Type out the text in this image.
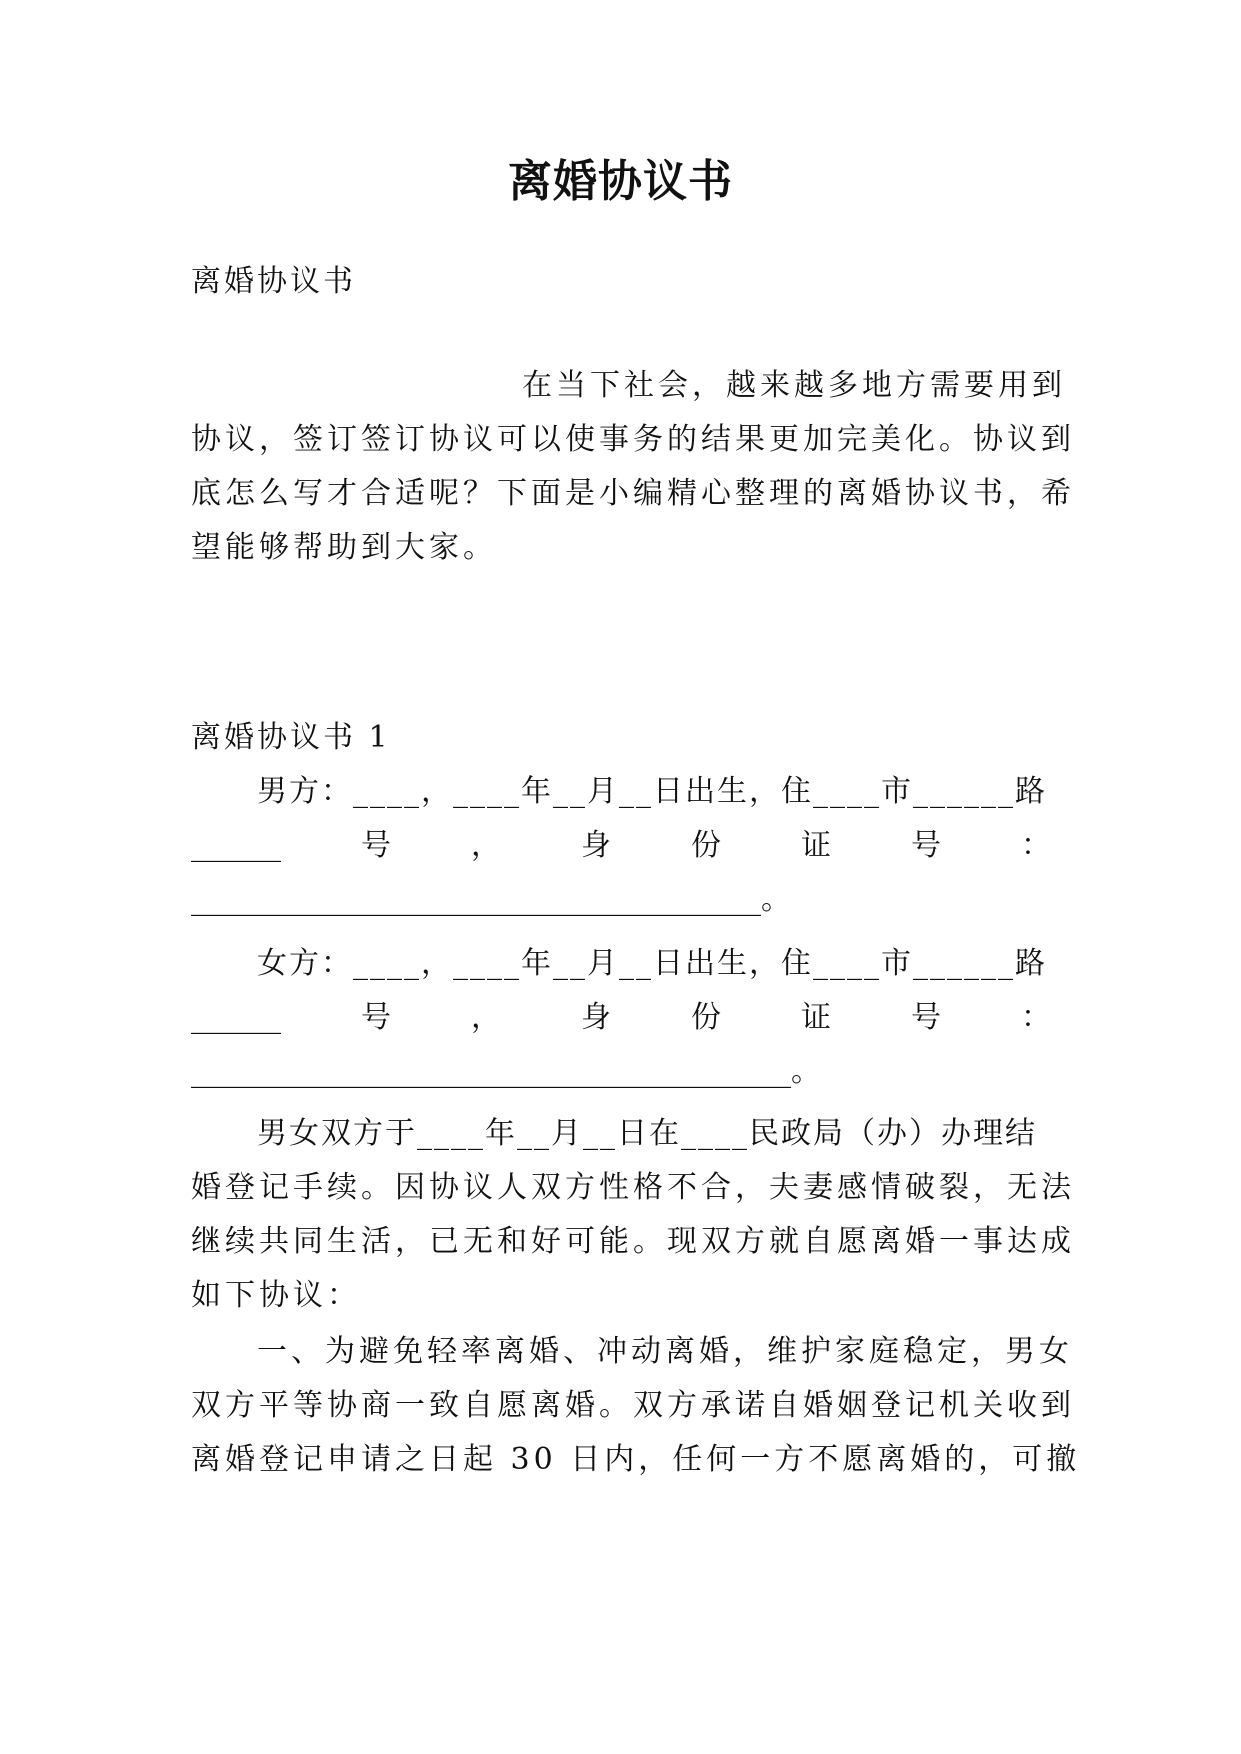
离婚协议书
离婚协议书
在当下社会，越来越多地方需要用到
协议，签订签订协议可以使事务的结果更加完美化。协议到
底怎么写才合适呢？下面是小编精心整理的离婚协议书，希
望能够帮助到大家。
离婚协议书 1
男方：____，____年__月__日出生，住____市______路
______	号	，	身	份	证	号	：
______________________________________。
女方：____，____年__月__日出生，住____市______路
______	号	，	身	份	证	号	：
________________________________________。
男女双方于____年__月__日在____民政局（办）办理结
婚登记手续。因协议人双方性格不合，夫妻感情破裂，无法
继续共同生活，已无和好可能。现双方就自愿离婚一事达成
如下协议：
一、为避免轻率离婚、冲动离婚，维护家庭稳定，男女
双方平等协商一致自愿离婚。双方承诺自婚姻登记机关收到
离婚登记申请之日起 30 日内，任何一方不愿离婚的，可撤
